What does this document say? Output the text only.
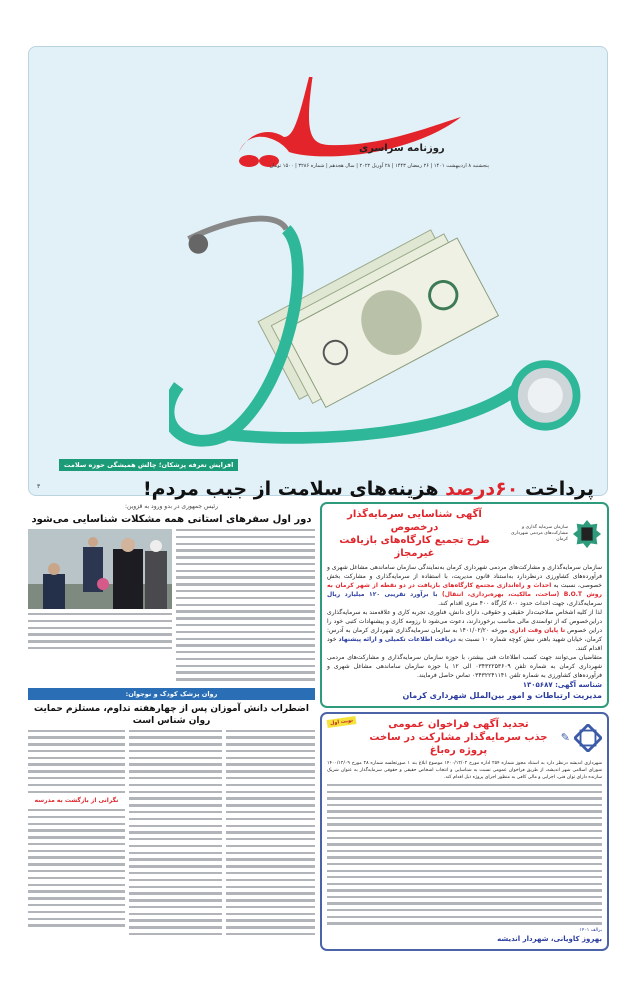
روزنامه سراسری
پنجشنبه ۸ اردیبهشت ۱۴۰۱ | ۲۶ رمضان ۱۴۴۳ | ۲۸ آوریل ۲۰۲۲ | سال هجدهم | شماره ۳۲۸۶ | ۱۵۰۰ تومان
افزایش تعرفه پزشکان؛ چالش همیشگی حوزه سلامت
پرداخت ۶۰درصد هزینه‌های سلامت از جیب مردم!
۳
رئیس جمهوری در بدو ورود به قزوین:
دور اول سفرهای استانی همه مشکلات شناسایی می‌شود
روان پزشک کودک و نوجوان:
اضطراب دانش آموزان پس از چهارهفته تداوم، مستلزم حمایت روان شناس است
نگرانی از بازگشت به مدرسه
سازمان سرمایه گذاری و مشارکت‌های مردمی شهرداری کرمان
آگهی شناسایی سرمایه‌گذار درخصوص
طرح تجمیع کارگاه‌های بازیافت غیرمجاز

سازمان سرمایه‌گذاری و مشارکت‌های مردمی شهرداری کرمان به‌نمایندگی سازمان ساماندهی مشاغل شهری و فرآورده‌های کشاورزی درنظردارد به‌استناد قانون مدیریت، با استفاده از سرمایه‌گذاری و مشارکت بخش خصوصی، نسبت به احداث و راه‌اندازی مجتمع کارگاه‌های بازیافت در دو نقطه از شهر کرمان به روش B.O.T (ساخت، مالکیت، بهره‌برداری، انتقال) با برآورد تقریبی ۱۲۰ میلیارد ریال سرمایه‌گذاری، جهت احداث حدود ۸۰۰ کارگاه ۴۰۰ متری اقدام کند.

لذا از کلیه اشخاص صلاحیت‌دار حقیقی و حقوقی، دارای دانش، فناوری، تجربه کاری و علاقه‌مند به سرمایه‌گذاری دراین‌خصوص که از توانمندی مالی مناسب برخوردارند، دعوت می‌شود تا رزومه کاری و پیشنهادات کتبی خود را دراین خصوص تا پایان وقت اداری مورخه ۱۴۰۱/۰۲/۲۰ به سازمان سرمایه‌گذاری شهرداری کرمان به آدرس: کرمان، خیابان شهید باهنر، نبش کوچه شماره ۱۰ نسبت به دریافت اطلاعات تکمیلی و ارائه پیشنهاد خود اقدام کنند.

متقاضیان می‌توانند جهت کسب اطلاعات فنی بیشتر، با حوزه سازمان سرمایه‌گذاری و مشارکت‌های مردمی شهرداری کرمان به شماره تلفن ۰۳۴۳۲۲۵۳۶۰۹ الی ۱۲ یا حوزه سازمان ساماندهی مشاغل شهری و فرآورده‌های کشاورزی به شماره تلفن ۰۳۴۳۲۲۴۱۱۴۱ تماس حاصل فرمایند.

شناسه آگهی: ۱۳۰۵۶۸۷

مدیریت ارتباطات و امور بین‌الملل شهرداری کرمان

✎
تجدید آگهی فراخوان عمومی
جذب سرمایه‌گذار مشارکت در ساخت پروژه ره‌باغ
نوبت اول
شهرداری اندیشه درنظر دارد به استناد مجوز شماره ۲۵۴ اداره مورخ ۱۴۰۰/۱۲/۰۲ موضوع ابلاغ بند ۱ صورتجلسه شماره ۲۸ مورخ ۱۴۰۰/۱۲/۰۹ شورای اسلامی شهر اندیشه، از طریق فراخوان عمومی نسبت به شناسایی و انتخاب اشخاص حقیقی و حقوقی سرمایه‌گذار به عنوان شریک سازنده دارای توان فنی، اجرایی و مالی کافی به منظور اجرای پروژه ذیل اقدام کند.
برالف ۱۴۰۱
بهروز کاویانی، شهردار اندیشه
